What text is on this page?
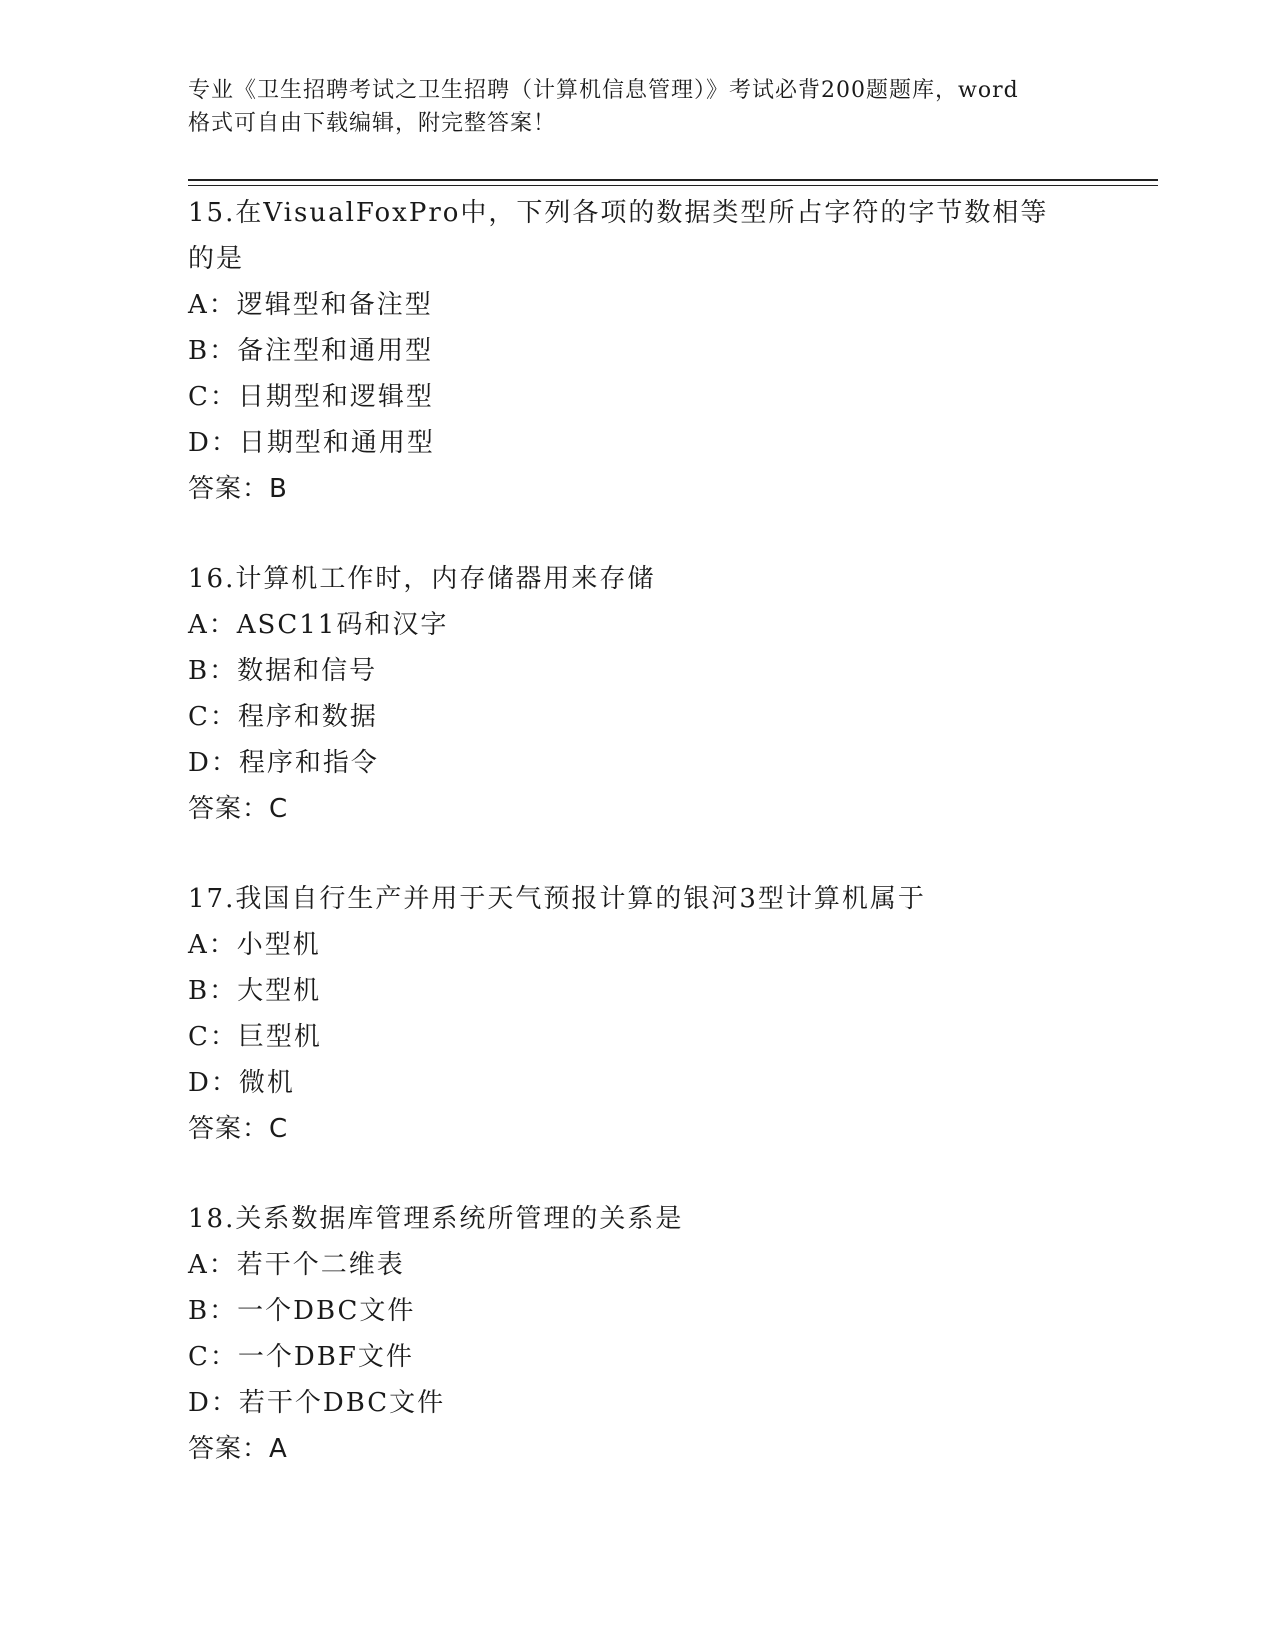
专业《卫生招聘考试之卫生招聘（计算机信息管理）》考试必背200题题库，word
格式可自由下载编辑，附完整答案！
15.在VisualFoxPro中，下列各项的数据类型所占字符的字节数相等
的是
A：逻辑型和备注型
B：备注型和通用型
C：日期型和逻辑型
D：日期型和通用型
答案：B
16.计算机工作时，内存储器用来存储
A：ASC11码和汉字
B：数据和信号
C：程序和数据
D：程序和指令
答案：C
17.我国自行生产并用于天气预报计算的银河3型计算机属于
A：小型机
B：大型机
C：巨型机
D：微机
答案：C
18.关系数据库管理系统所管理的关系是
A：若干个二维表
B：一个DBC文件
C：一个DBF文件
D：若干个DBC文件
答案：A
